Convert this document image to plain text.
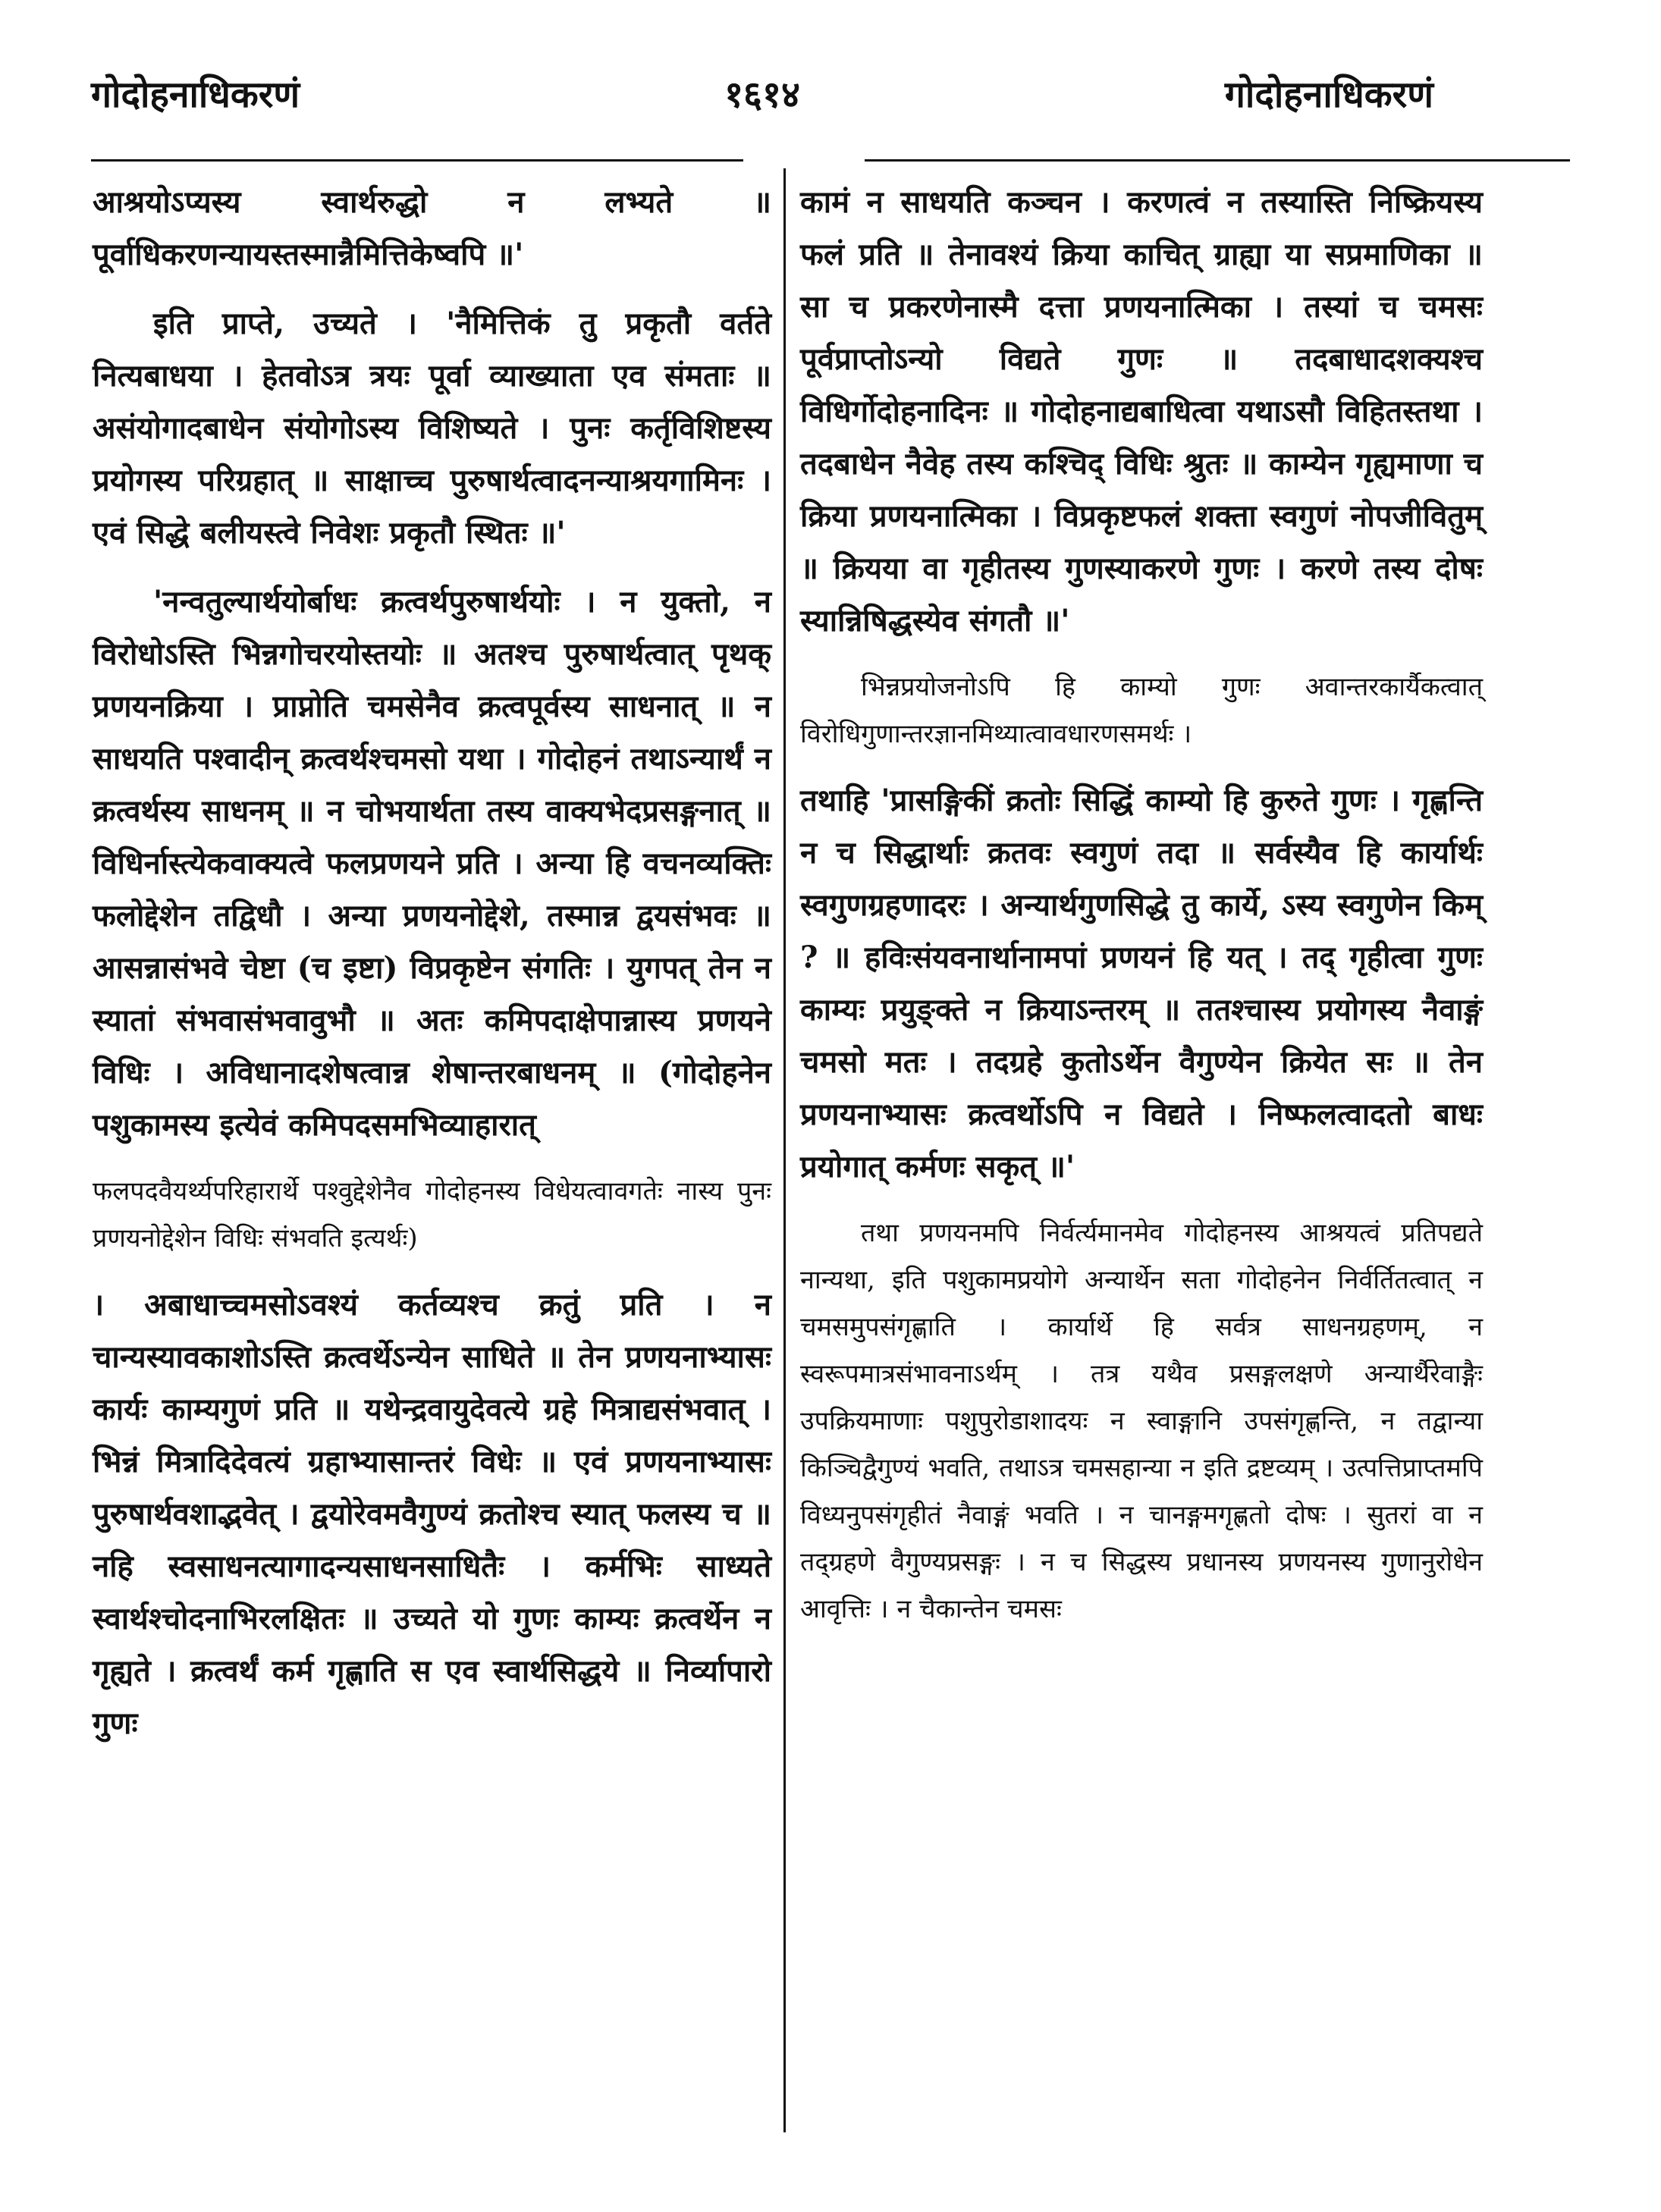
गोदोहनाधिकरणं	१६१४	गोदोहनाधिकरणं

आश्रयोऽप्यस्य स्वार्थरुद्धो न लभ्यते ॥ पूर्वाधिकरणन्यायस्तस्मान्नैमित्तिकेष्वपि ॥'

इति प्राप्ते, उच्यते । 'नैमित्तिकं तु प्रकृतौ वर्तते नित्यबाधया । हेतवोऽत्र त्रयः पूर्वा व्याख्याता एव संमताः ॥ असंयोगादबाधेन संयोगोऽस्य विशिष्यते । पुनः कर्तृविशिष्टस्य प्रयोगस्य परिग्रहात् ॥ साक्षाच्च पुरुषार्थत्वादनन्याश्रयगामिनः । एवं सिद्धे बलीयस्त्वे निवेशः प्रकृतौ स्थितः ॥'

'नन्वतुल्यार्थयोर्बाधः क्रत्वर्थपुरुषार्थयोः । न युक्तो, न विरोधोऽस्ति भिन्नगोचरयोस्तयोः ॥ अतश्च पुरुषार्थत्वात् पृथक् प्रणयनक्रिया । प्राप्नोति चमसेनैव क्रत्वपूर्वस्य साधनात् ॥ न साधयति पश्वादीन् क्रत्वर्थश्चमसो यथा । गोदोहनं तथाऽन्यार्थं न क्रत्वर्थस्य साधनम् ॥ न चोभयार्थता तस्य वाक्यभेदप्रसङ्गनात् ॥ विधिर्नास्त्येकवाक्यत्वे फलप्रणयने प्रति । अन्या हि वचनव्यक्तिः फलोद्देशेन तद्विधौ । अन्या प्रणयनोद्देशे, तस्मान्न द्वयसंभवः ॥ आसन्नासंभवे चेष्टा (च इष्टा) विप्रकृष्टेन संगतिः । युगपत् तेन न स्यातां संभवासंभवावुभौ ॥ अतः कमिपदाक्षेपान्नास्य प्रणयने विधिः । अविधानादशेषत्वान्न शेषान्तरबाधनम् ॥ (गोदोहनेन पशुकामस्य इत्येवं कमिपदसमभिव्याहारात्

फलपदवैयर्थ्यपरिहारार्थे पश्वुद्देशेनैव गोदोहनस्य विधेयत्वावगतेः नास्य पुनः प्रणयनोद्देशेन विधिः संभवति इत्यर्थः)

। अबाधाच्चमसोऽवश्यं कर्तव्यश्च क्रतुं प्रति । न चान्यस्यावकाशोऽस्ति क्रत्वर्थेऽन्येन साधिते ॥ तेन प्रणयनाभ्यासः कार्यः काम्यगुणं प्रति ॥ यथेन्द्रवायुदेवत्ये ग्रहे मित्राद्यसंभवात् । भिन्नं मित्रादिदेवत्यं ग्रहाभ्यासान्तरं विधेः ॥ एवं प्रणयनाभ्यासः पुरुषार्थवशाद्भवेत् । द्वयोरेवमवैगुण्यं क्रतोश्च स्यात् फलस्य च ॥ नहि स्वसाधनत्यागादन्यसाधनसाधितैः । कर्मभिः साध्यते स्वार्थश्चोदनाभिरलक्षितः ॥ उच्यते यो गुणः काम्यः क्रत्वर्थेन न गृह्यते । क्रत्वर्थं कर्म गृह्णाति स एव स्वार्थसिद्धये ॥ निर्व्यापारो गुणः

कामं न साधयति कञ्चन । करणत्वं न तस्यास्ति निष्क्रियस्य फलं प्रति ॥ तेनावश्यं क्रिया काचित् ग्राह्या या सप्रमाणिका ॥ सा च प्रकरणेनास्मै दत्ता प्रणयनात्मिका । तस्यां च चमसः पूर्वप्राप्तोऽन्यो विद्यते गुणः ॥ तदबाधादशक्यश्च विधिर्गोदोहनादिनः ॥ गोदोहनाद्यबाधित्वा यथाऽसौ विहितस्तथा । तदबाधेन नैवेह तस्य कश्चिद् विधिः श्रुतः ॥ काम्येन गृह्यमाणा च क्रिया प्रणयनात्मिका । विप्रकृष्टफलं शक्ता स्वगुणं नोपजीवितुम् ॥ क्रियया वा गृहीतस्य गुणस्याकरणे गुणः । करणे तस्य दोषः स्यान्निषिद्धस्येव संगतौ ॥'

भिन्नप्रयोजनोऽपि हि काम्यो गुणः अवान्तरकार्यैकत्वात् विरोधिगुणान्तरज्ञानमिथ्यात्वावधारणसमर्थः ।

तथाहि 'प्रासङ्गिकीं क्रतोः सिद्धिं काम्यो हि कुरुते गुणः । गृह्णन्ति न च सिद्धार्थाः क्रतवः स्वगुणं तदा ॥ सर्वस्यैव हि कार्यार्थः स्वगुणग्रहणादरः । अन्यार्थगुणसिद्धे तु कार्ये, ऽस्य स्वगुणेन किम् ? ॥ हविःसंयवनार्थानामपां प्रणयनं हि यत् । तद् गृहीत्वा गुणः काम्यः प्रयुङ्क्ते न क्रियाऽन्तरम् ॥ ततश्चास्य प्रयोगस्य नैवाङ्गं चमसो मतः । तदग्रहे कुतोऽर्थेन वैगुण्येन क्रियेत सः ॥ तेन प्रणयनाभ्यासः क्रत्वर्थोऽपि न विद्यते । निष्फलत्वादतो बाधः प्रयोगात् कर्मणः सकृत् ॥'

तथा प्रणयनमपि निर्वर्त्यमानमेव गोदोहनस्य आश्रयत्वं प्रतिपद्यते नान्यथा, इति पशुकामप्रयोगे अन्यार्थेन सता गोदोहनेन निर्वर्तितत्वात् न चमसमुपसंगृह्णाति । कार्यार्थे हि सर्वत्र साधनग्रहणम्, न स्वरूपमात्रसंभावनाऽर्थम् । तत्र यथैव प्रसङ्गलक्षणे अन्यार्थैरेवाङ्गैः उपक्रियमाणाः पशुपुरोडाशादयः न स्वाङ्गानि उपसंगृह्णन्ति, न तद्वान्या किञ्चिद्वैगुण्यं भवति, तथाऽत्र चमसहान्या न इति द्रष्टव्यम् । उत्पत्तिप्राप्तमपि विध्यनुपसंगृहीतं नैवाङ्गं भवति । न चानङ्गमगृह्णतो दोषः । सुतरां वा न तद्ग्रहणे वैगुण्यप्रसङ्गः । न च सिद्धस्य प्रधानस्य प्रणयनस्य गुणानुरोधेन आवृत्तिः । न चैकान्तेन चमसः
